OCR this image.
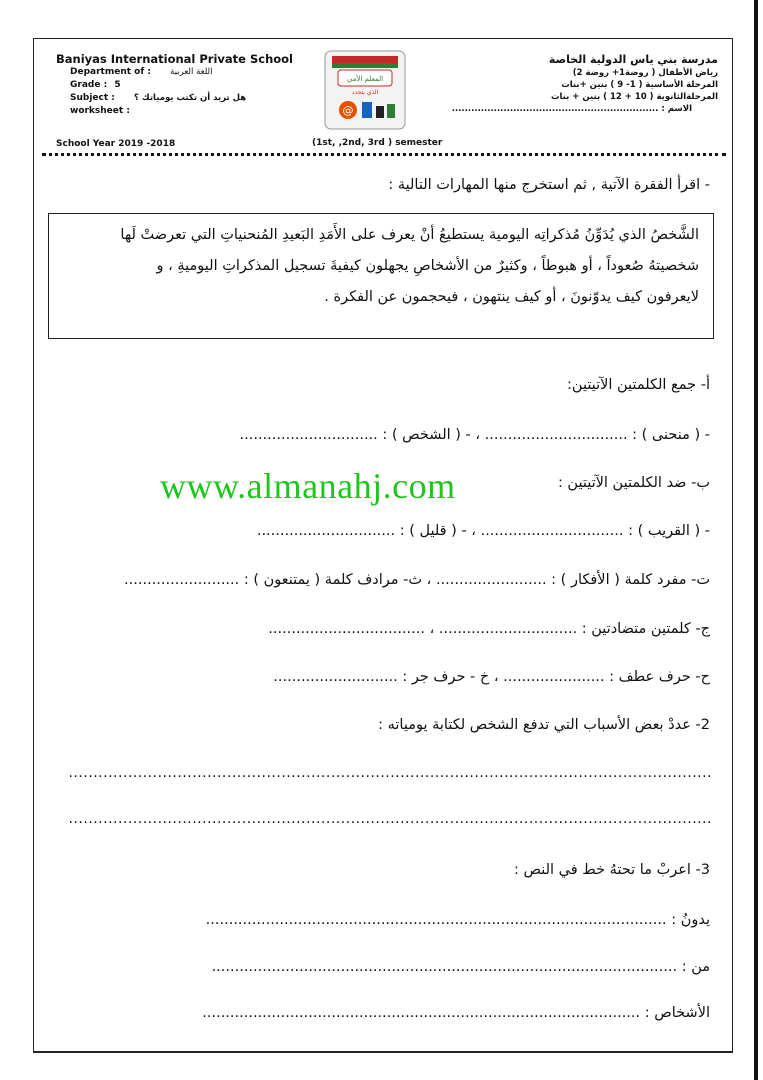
Baniyas International Private School
Department of : اللغة العربية
Grade : 5
Subject : هل تريد أن تكتب يومياتك ؟
worksheet :
المعلم الأمي
الذي يتجدد
@
مدرسة بني ياس الدولية الخاصة
رياض الأطفال ( روضة1+ روضة 2)
المرحلة الأساسية ( 1- 9 ) بنين +بنات
المرحلةالثانوية ( 10 + 12 ) بنين + بنات
الاسم : ................................................................
School Year 2019 -2018	(1st, ,2nd, 3rd ) semester
- اقرأ الفقرة الآتية , ثم استخرج منها المهارات التالية :
الشَّخصُ الذي يُدَوِّنُ مُذكراتِه اليومية يستطيعُ أنْ يعرف على الأَمَدِ البَعيدِ المُنحنياتِ التي تعرضتْ لَها
شخصيتهُ صُعوداً ، أو هبوطاً ، وكثيرٌ من الأشخاصِ يجهلون كيفيةَ تسجيل المذكراتِ اليوميةِ ، و
لايعرفون كيف يدوّنونَ ، أو كيف ينتهون ، فيحجمون عن الفكرة .
أ- جمع الكلمتين الآتيتين:
- ( منحنى ) : ............................... ، - ( الشخص ) : ..............................
ب- ضد الكلمتين الآتيتين :
- ( القريب ) : ............................... ، - ( قليل ) : ..............................
ت- مفرد كلمة ( الأفكار ) : ........................ ، ث- مرادف كلمة ( يمتنعون ) : .........................
ج- كلمتين متضادتين : .............................. ، ..................................
ح- حرف عطف : ...................... ، خ - حرف جر : ...........................
2- عددْ بعض الأسباب التي تدفع الشخص لكتابة يومياته :
..................................................................................................................................
..................................................................................................................................
3- اعربْ ما تحتهُ خط في النص :
يدونُ : ....................................................................................................
من : .....................................................................................................
الأشخاص : ...............................................................................................
www.almanahj.com
